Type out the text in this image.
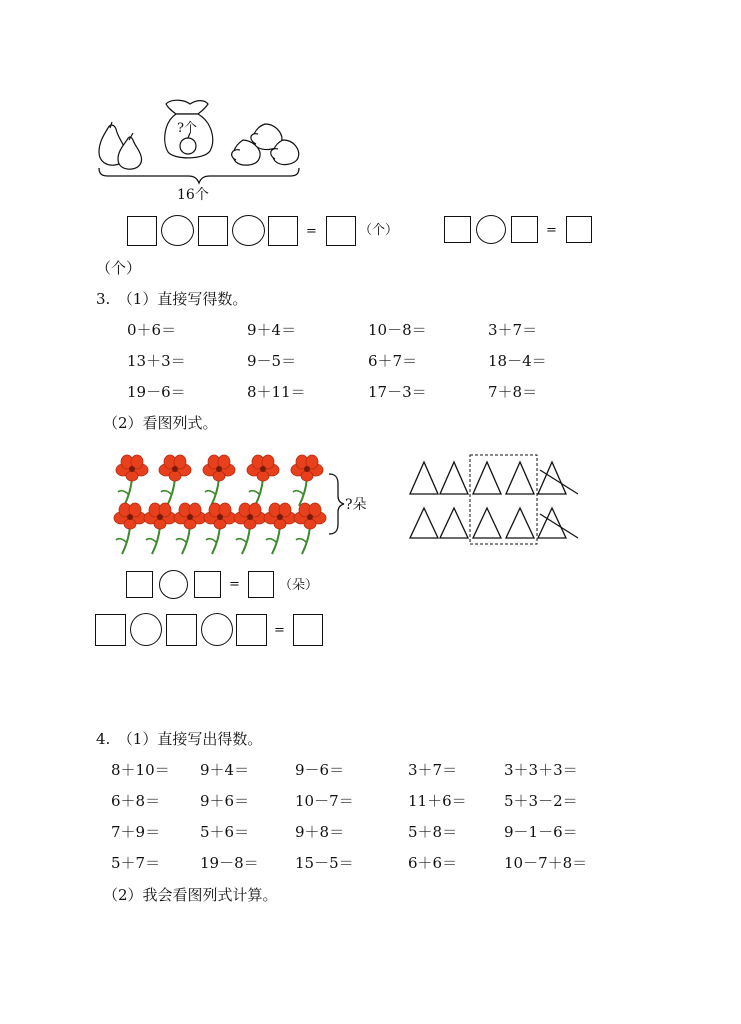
?个
16个
=	（个）	=
（个）
3.　（1）直接写得数。
0＋6＝	9＋4＝	10－8＝	3＋7＝
13＋3＝	9－5＝	6＋7＝	18－4＝
19－6＝	8＋11＝	17－3＝	7＋8＝
（2）看图列式。
?朵
=	（朵）
=
4.　（1）直接写出得数。
8＋10＝ 9＋4＝	9－6＝	3＋7＝	3＋3＋3＝
6＋8＝	9＋6＝	10－7＝	11＋6＝ 5＋3－2＝
7＋9＝	5＋6＝	9＋8＝	5＋8＝	9－1－6＝
5＋7＝	19－8＝ 15－5＝	6＋6＝	10－7＋8＝
（2）我会看图列式计算。
